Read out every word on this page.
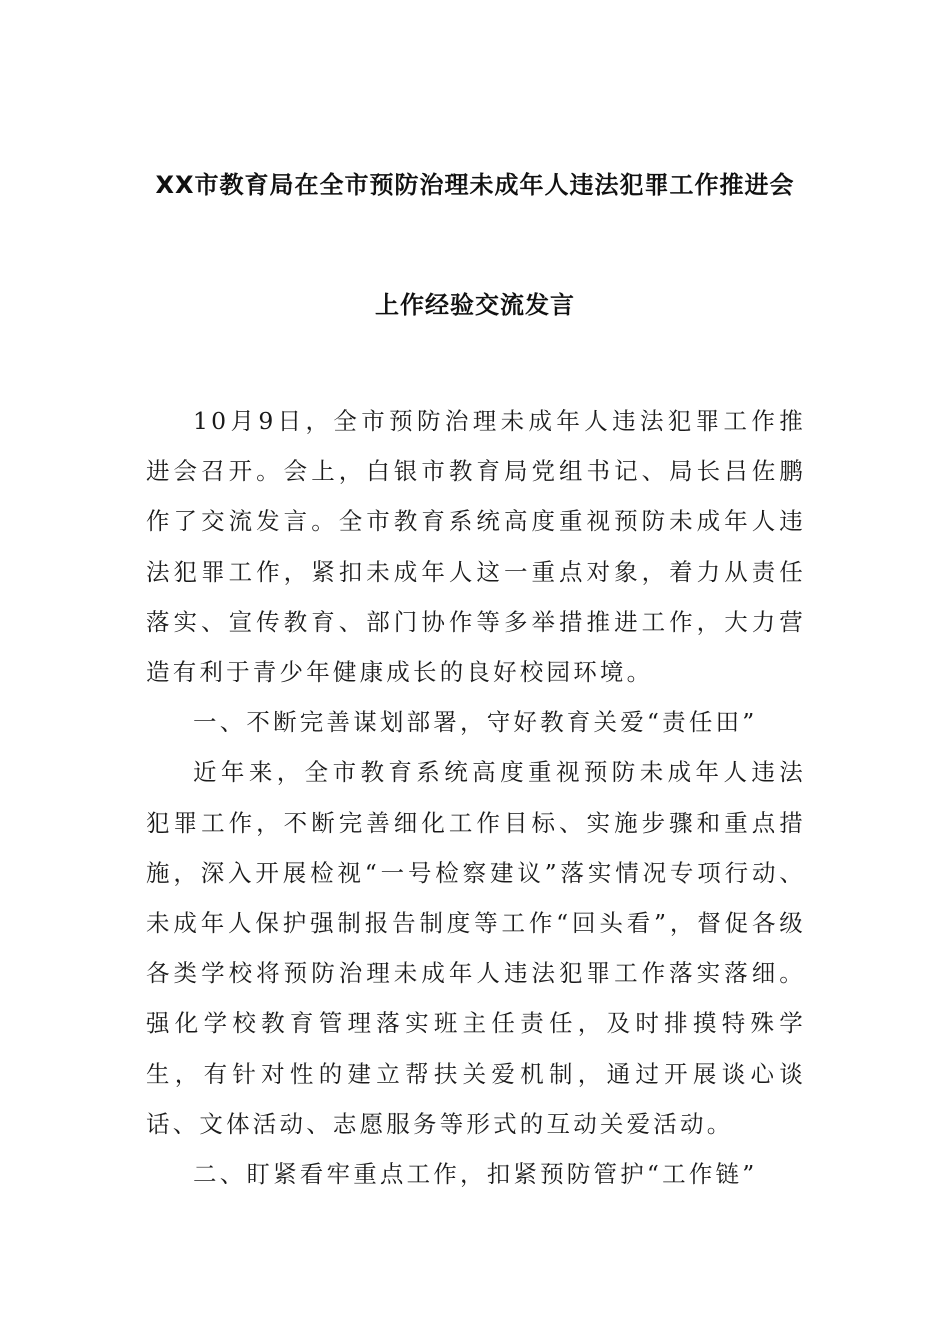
XX市教育局在全市预防治理未成年人违法犯罪工作推进会
上作经验交流发言

10月9日，全市预防治理未成年人违法犯罪工作推进会召开。会上，白银市教育局党组书记、局长吕佐鹏作了交流发言。全市教育系统高度重视预防未成年人违法犯罪工作，紧扣未成年人这一重点对象，着力从责任落实、宣传教育、部门协作等多举措推进工作，大力营造有利于青少年健康成长的良好校园环境。

一、不断完善谋划部署，守好教育关爱“责任田”

近年来，全市教育系统高度重视预防未成年人违法犯罪工作，不断完善细化工作目标、实施步骤和重点措施，深入开展检视“一号检察建议”落实情况专项行动、未成年人保护强制报告制度等工作“回头看”，督促各级各类学校将预防治理未成年人违法犯罪工作落实落细。强化学校教育管理落实班主任责任，及时排摸特殊学生，有针对性的建立帮扶关爱机制，通过开展谈心谈话、文体活动、志愿服务等形式的互动关爱活动。

二、盯紧看牢重点工作，扣紧预防管护“工作链”
